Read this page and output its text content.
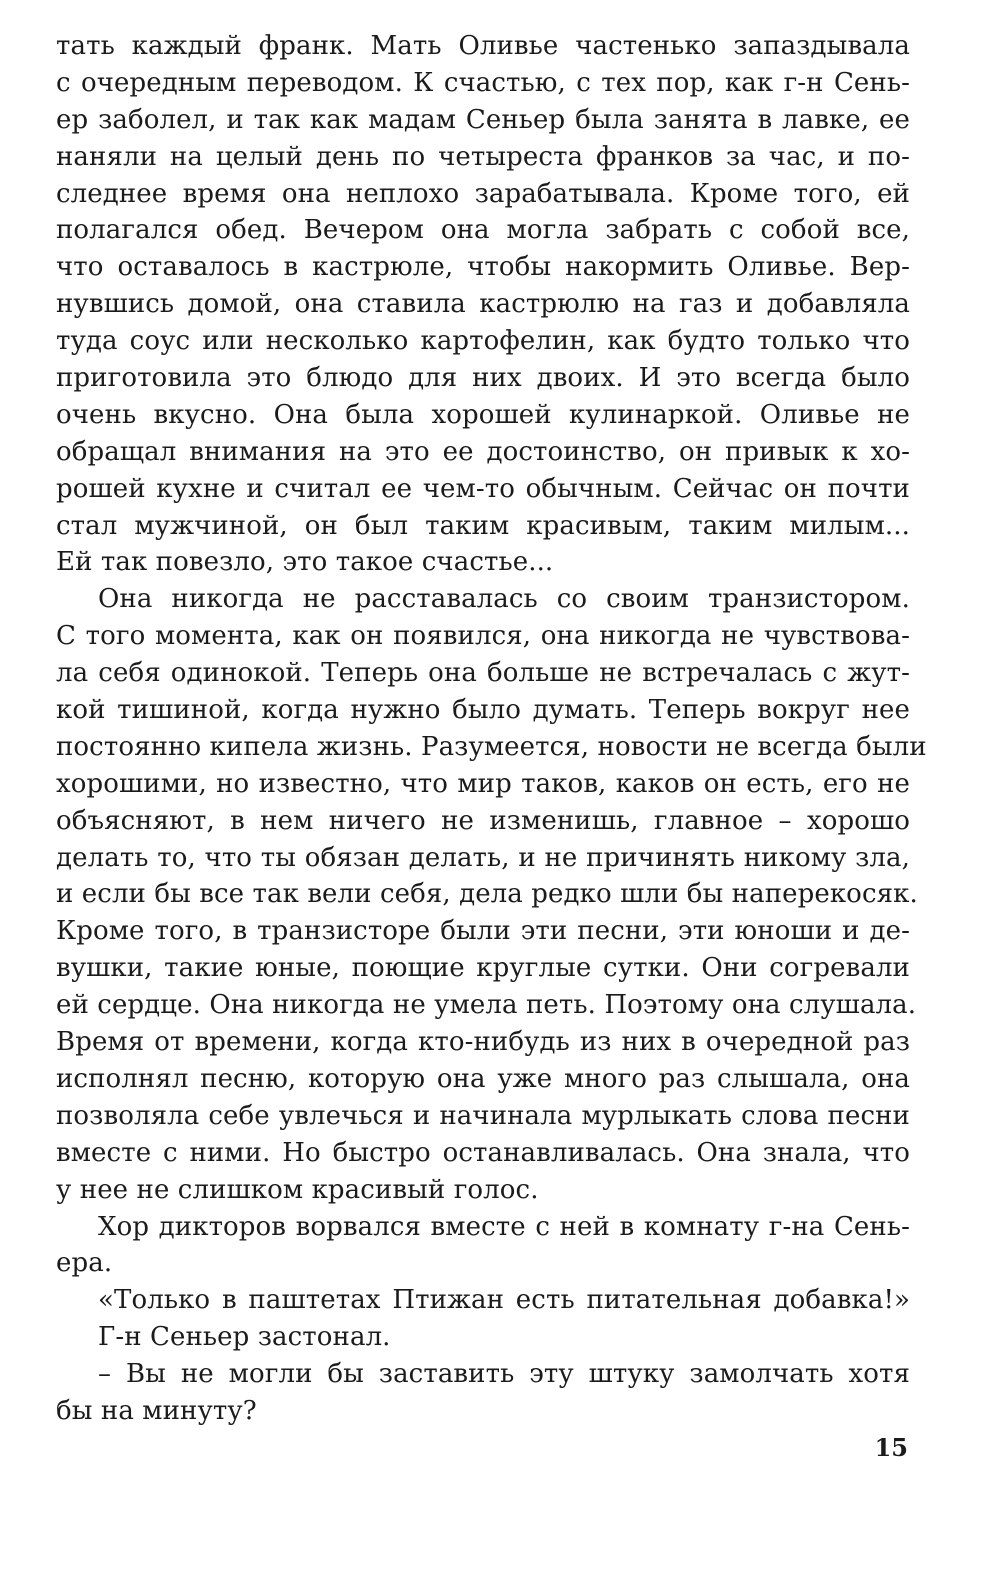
тать каждый франк. Мать Оливье частенько запаздывала
с очередным переводом. К счастью, с тех пор, как г-н Сень-
ер заболел, и так как мадам Сеньер была занята в лавке, ее
наняли на целый день по четыреста франков за час, и по-
следнее время она неплохо зарабатывала. Кроме того, ей
полагался обед. Вечером она могла забрать с собой все,
что оставалось в кастрюле, чтобы накормить Оливье. Вер-
нувшись домой, она ставила кастрюлю на газ и добавляла
туда соус или несколько картофелин, как будто только что
приготовила это блюдо для них двоих. И это всегда было
очень вкусно. Она была хорошей кулинаркой. Оливье не
обращал внимания на это ее достоинство, он привык к хо-
рошей кухне и считал ее чем-то обычным. Сейчас он почти
стал мужчиной, он был таким красивым, таким милым...
Ей так повезло, это такое счастье...
Она никогда не расставалась со своим транзистором.
С того момента, как он появился, она никогда не чувствова-
ла себя одинокой. Теперь она больше не встречалась с жут-
кой тишиной, когда нужно было думать. Теперь вокруг нее
постоянно кипела жизнь. Разумеется, новости не всегда были
хорошими, но известно, что мир таков, каков он есть, его не
объясняют, в нем ничего не изменишь, главное – хорошо
делать то, что ты обязан делать, и не причинять никому зла,
и если бы все так вели себя, дела редко шли бы наперекосяк.
Кроме того, в транзисторе были эти песни, эти юноши и де-
вушки, такие юные, поющие круглые сутки. Они согревали
ей сердце. Она никогда не умела петь. Поэтому она слушала.
Время от времени, когда кто-нибудь из них в очередной раз
исполнял песню, которую она уже много раз слышала, она
позволяла себе увлечься и начинала мурлыкать слова песни
вместе с ними. Но быстро останавливалась. Она знала, что
у нее не слишком красивый голос.
Хор дикторов ворвался вместе с ней в комнату г-на Сень-
ера.
«Только в паштетах Птижан есть питательная добавка!»
Г-н Сеньер застонал.
– Вы не могли бы заставить эту штуку замолчать хотя
бы на минуту?
15
